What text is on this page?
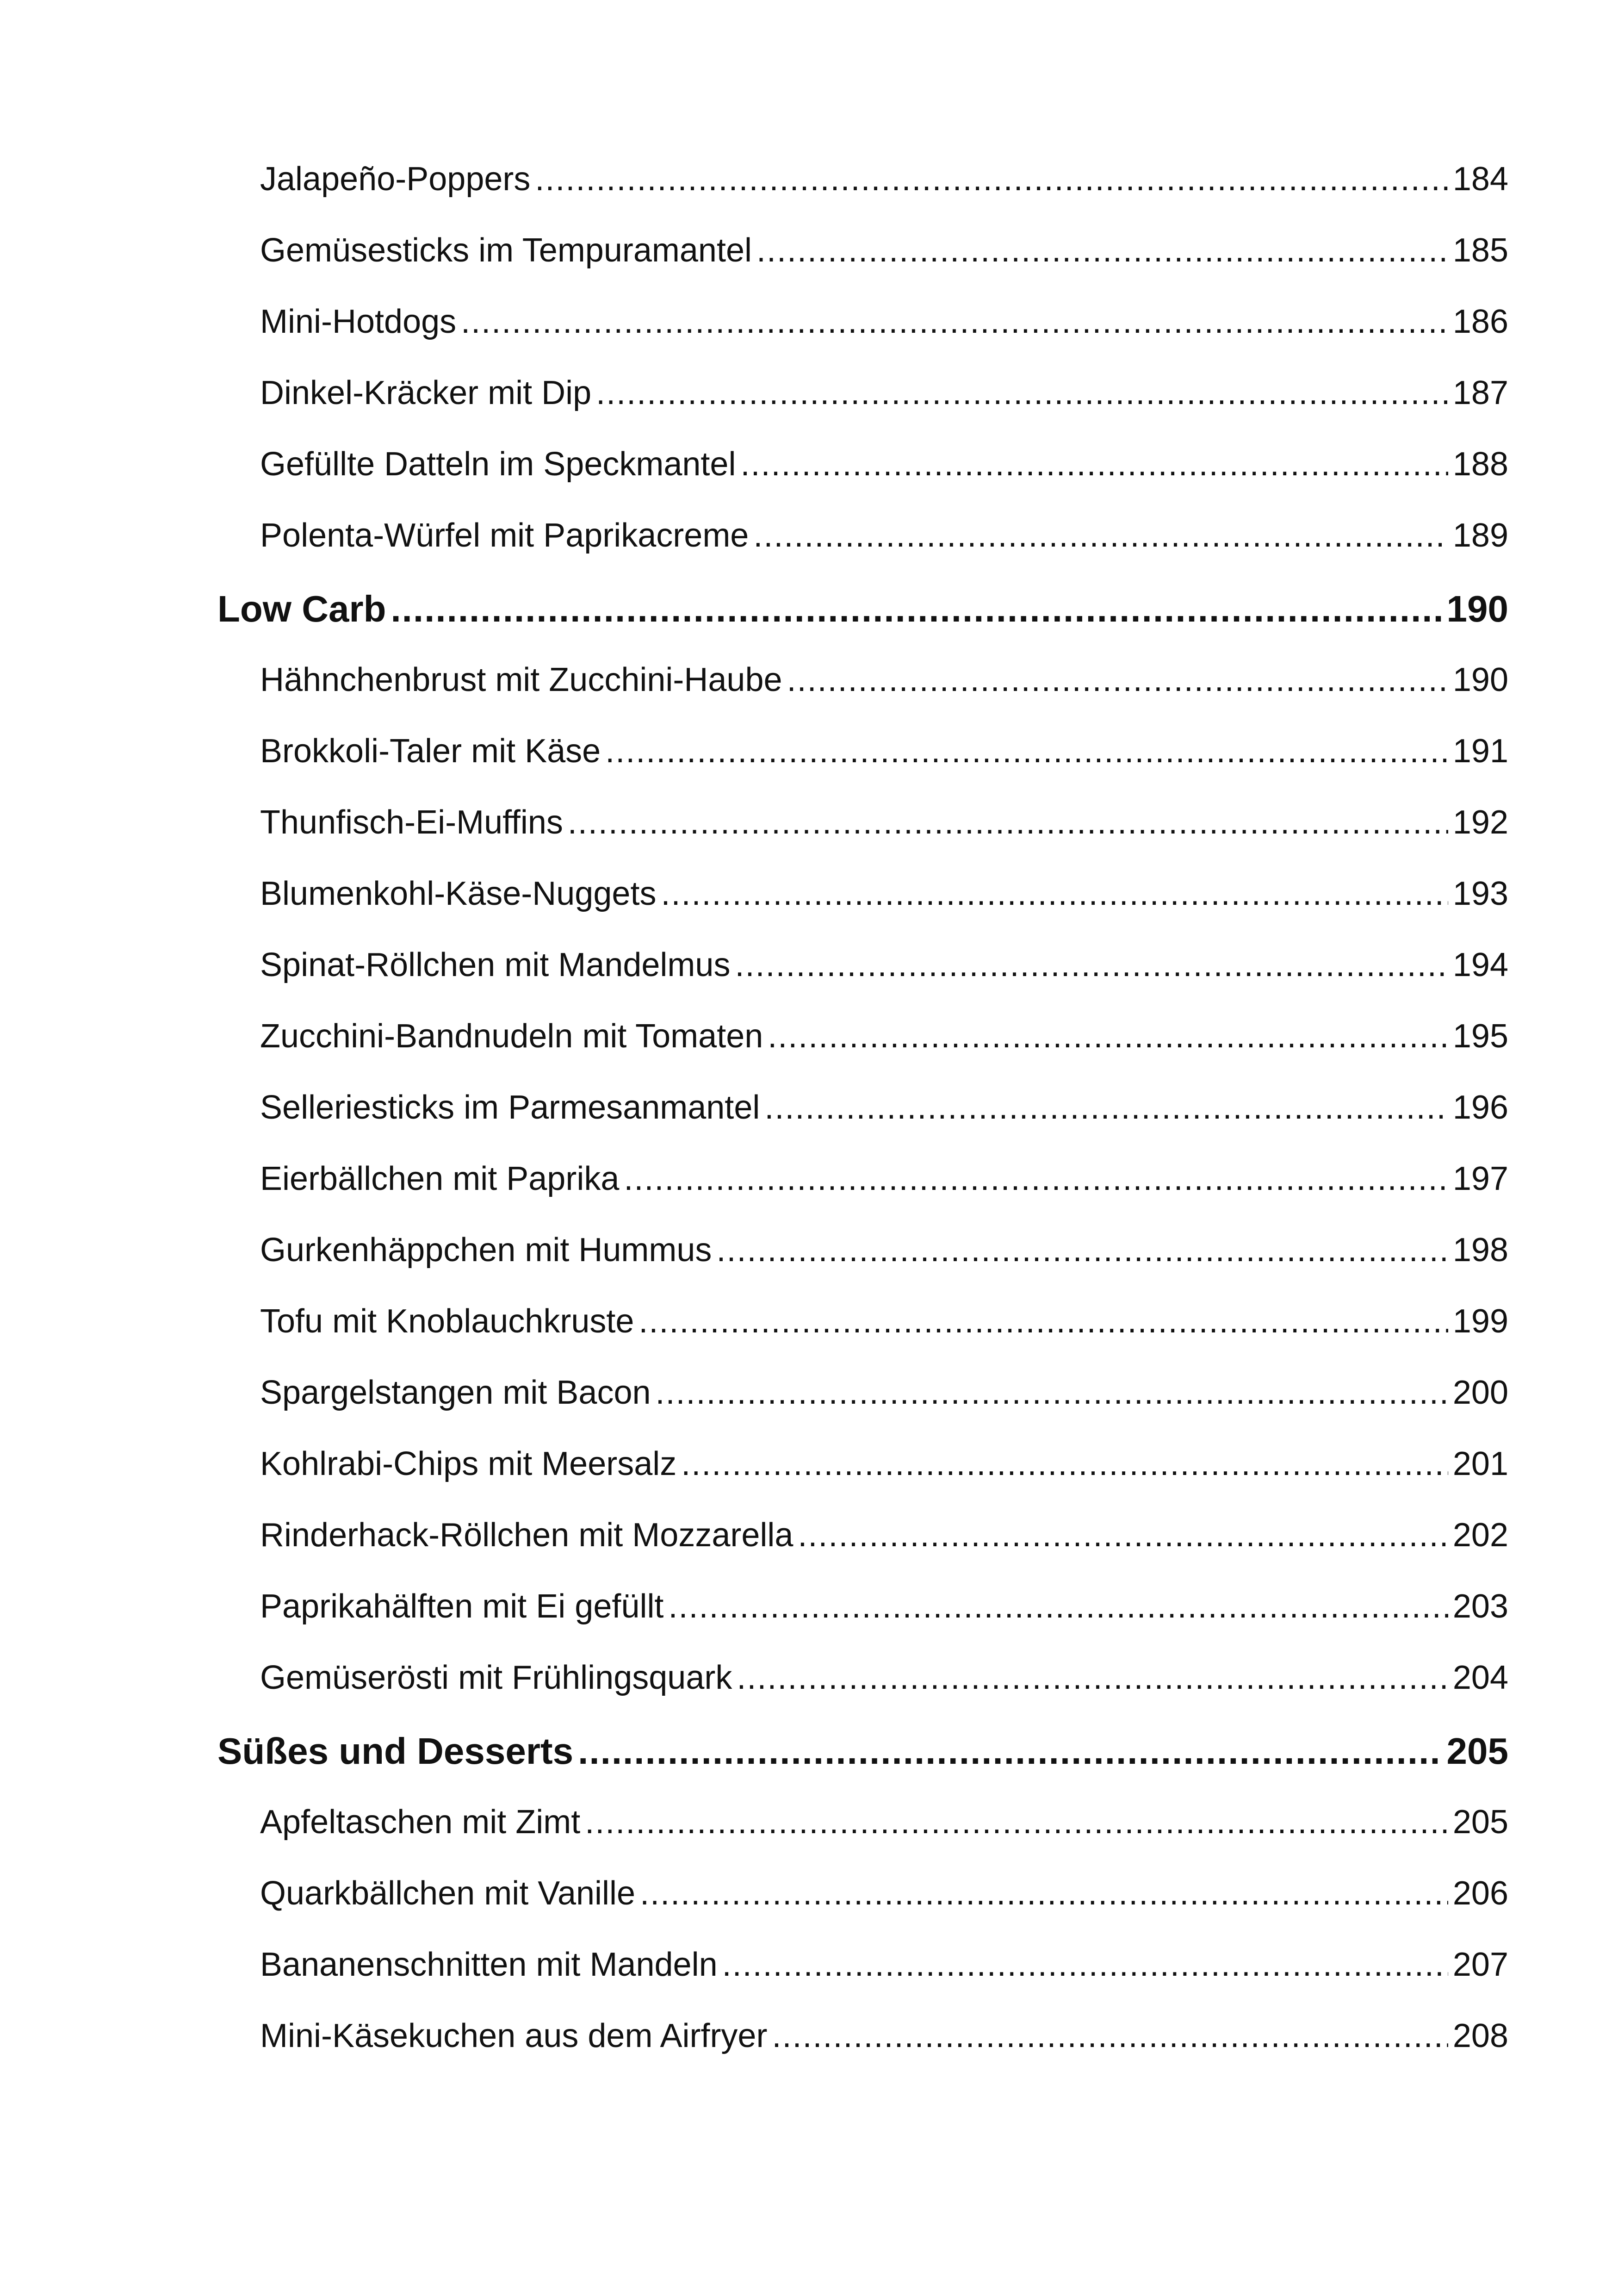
Jalapeño-Poppers .....	184
Gemüsesticks im Tempuramantel .....	185
Mini-Hotdogs .....	186
Dinkel-Kräcker mit Dip .....	187
Gefüllte Datteln im Speckmantel .....	188
Polenta-Würfel mit Paprikacreme .....	189
Low Carb .....	190
Hähnchenbrust mit Zucchini-Haube .....	190
Brokkoli-Taler mit Käse .....	191
Thunfisch-Ei-Muffins .....	192
Blumenkohl-Käse-Nuggets .....	193
Spinat-Röllchen mit Mandelmus .....	194
Zucchini-Bandnudeln mit Tomaten .....	195
Selleriesticks im Parmesanmantel .....	196
Eierbällchen mit Paprika .....	197
Gurkenhäppchen mit Hummus .....	198
Tofu mit Knoblauchkruste .....	199
Spargelstangen mit Bacon .....	200
Kohlrabi-Chips mit Meersalz .....	201
Rinderhack-Röllchen mit Mozzarella .....	202
Paprikahälften mit Ei gefüllt .....	203
Gemüserösti mit Frühlingsquark .....	204
Süßes und Desserts .....	205
Apfeltaschen mit Zimt .....	205
Quarkbällchen mit Vanille .....	206
Bananenschnitten mit Mandeln .....	207
Mini-Käsekuchen aus dem Airfryer .....	208
